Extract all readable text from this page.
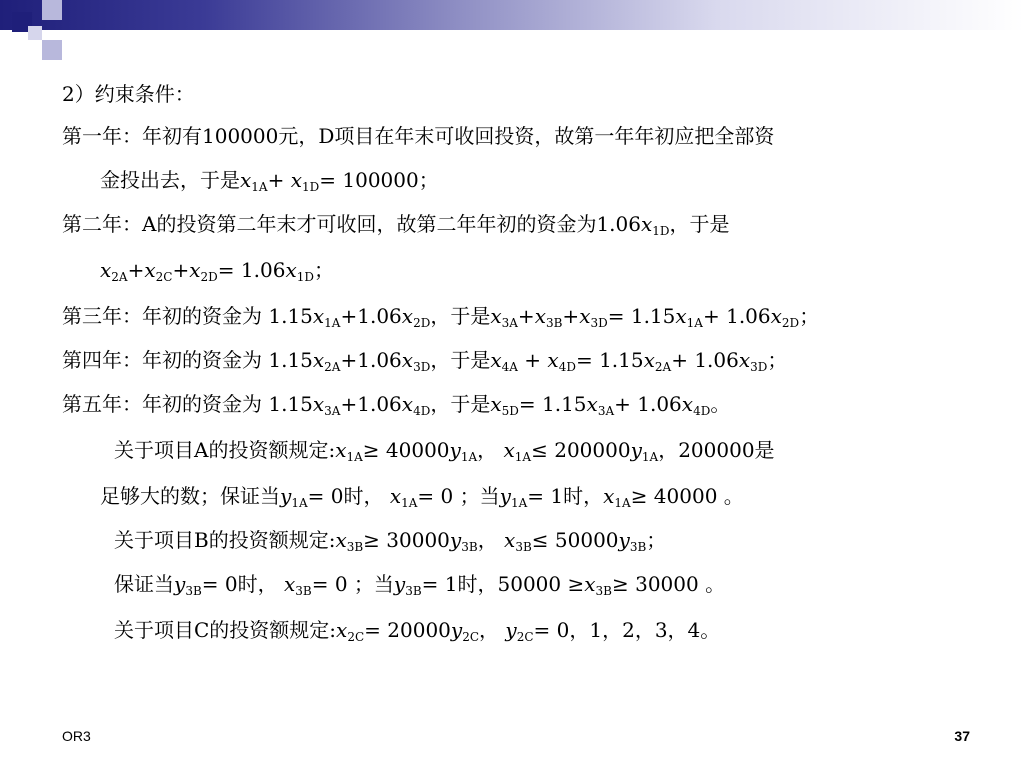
2）约束条件：
第一年：年初有100000元，D项目在年末可收回投资，故第一年年初应把全部资
金投出去，于是$x_{1A}+ x_{1D}= 100000$；
第二年：A的投资第二年末才可收回，故第二年年初的资金为$1.06x_{1D}$，于是
$x_{2A}+x_{2C}+x_{2D}= 1.06x_{1D}$；
第三年：年初的资金为 $1.15x_{1A}+1.06x_{2D}$，于是$x_{3A}+x_{3B}+x_{3D}= 1.15x_{1A}+ 1.06x_{2D}$；
第四年：年初的资金为 $1.15x_{2A}+1.06x_{3D}$，于是$x_{4A} + x_{4D}= 1.15x_{2A}+ 1.06x_{3D}$；
第五年：年初的资金为 $1.15x_{3A}+1.06x_{4D}$，于是$x_{5D}= 1.15x_{3A}+ 1.06x_{4D}$。
关于项目A的投资额规定$:x_{1A}\ge 40000y_{1A}$， $x_{1A}\le 200000y_{1A}$，200000是
足够大的数；保证当$y_{1A}= 0$时， $x_{1A}= 0$ ；当$y_{1A}= 1$时，$x_{1A}\ge 40000$ 。
关于项目B的投资额规定$:x_{3B}\ge 30000y_{3B}$， $x_{3B}\le 50000y_{3B}$；
保证当$y_{3B}= 0$时， $x_{3B}= 0$ ；当$y_{3B}= 1$时，$50000 \ge x_{3B}\ge 30000$ 。
关于项目C的投资额规定$:x_{2C}= 20000y_{2C}$， $y_{2C}= 0$，1，2，3，4。
OR3	37
